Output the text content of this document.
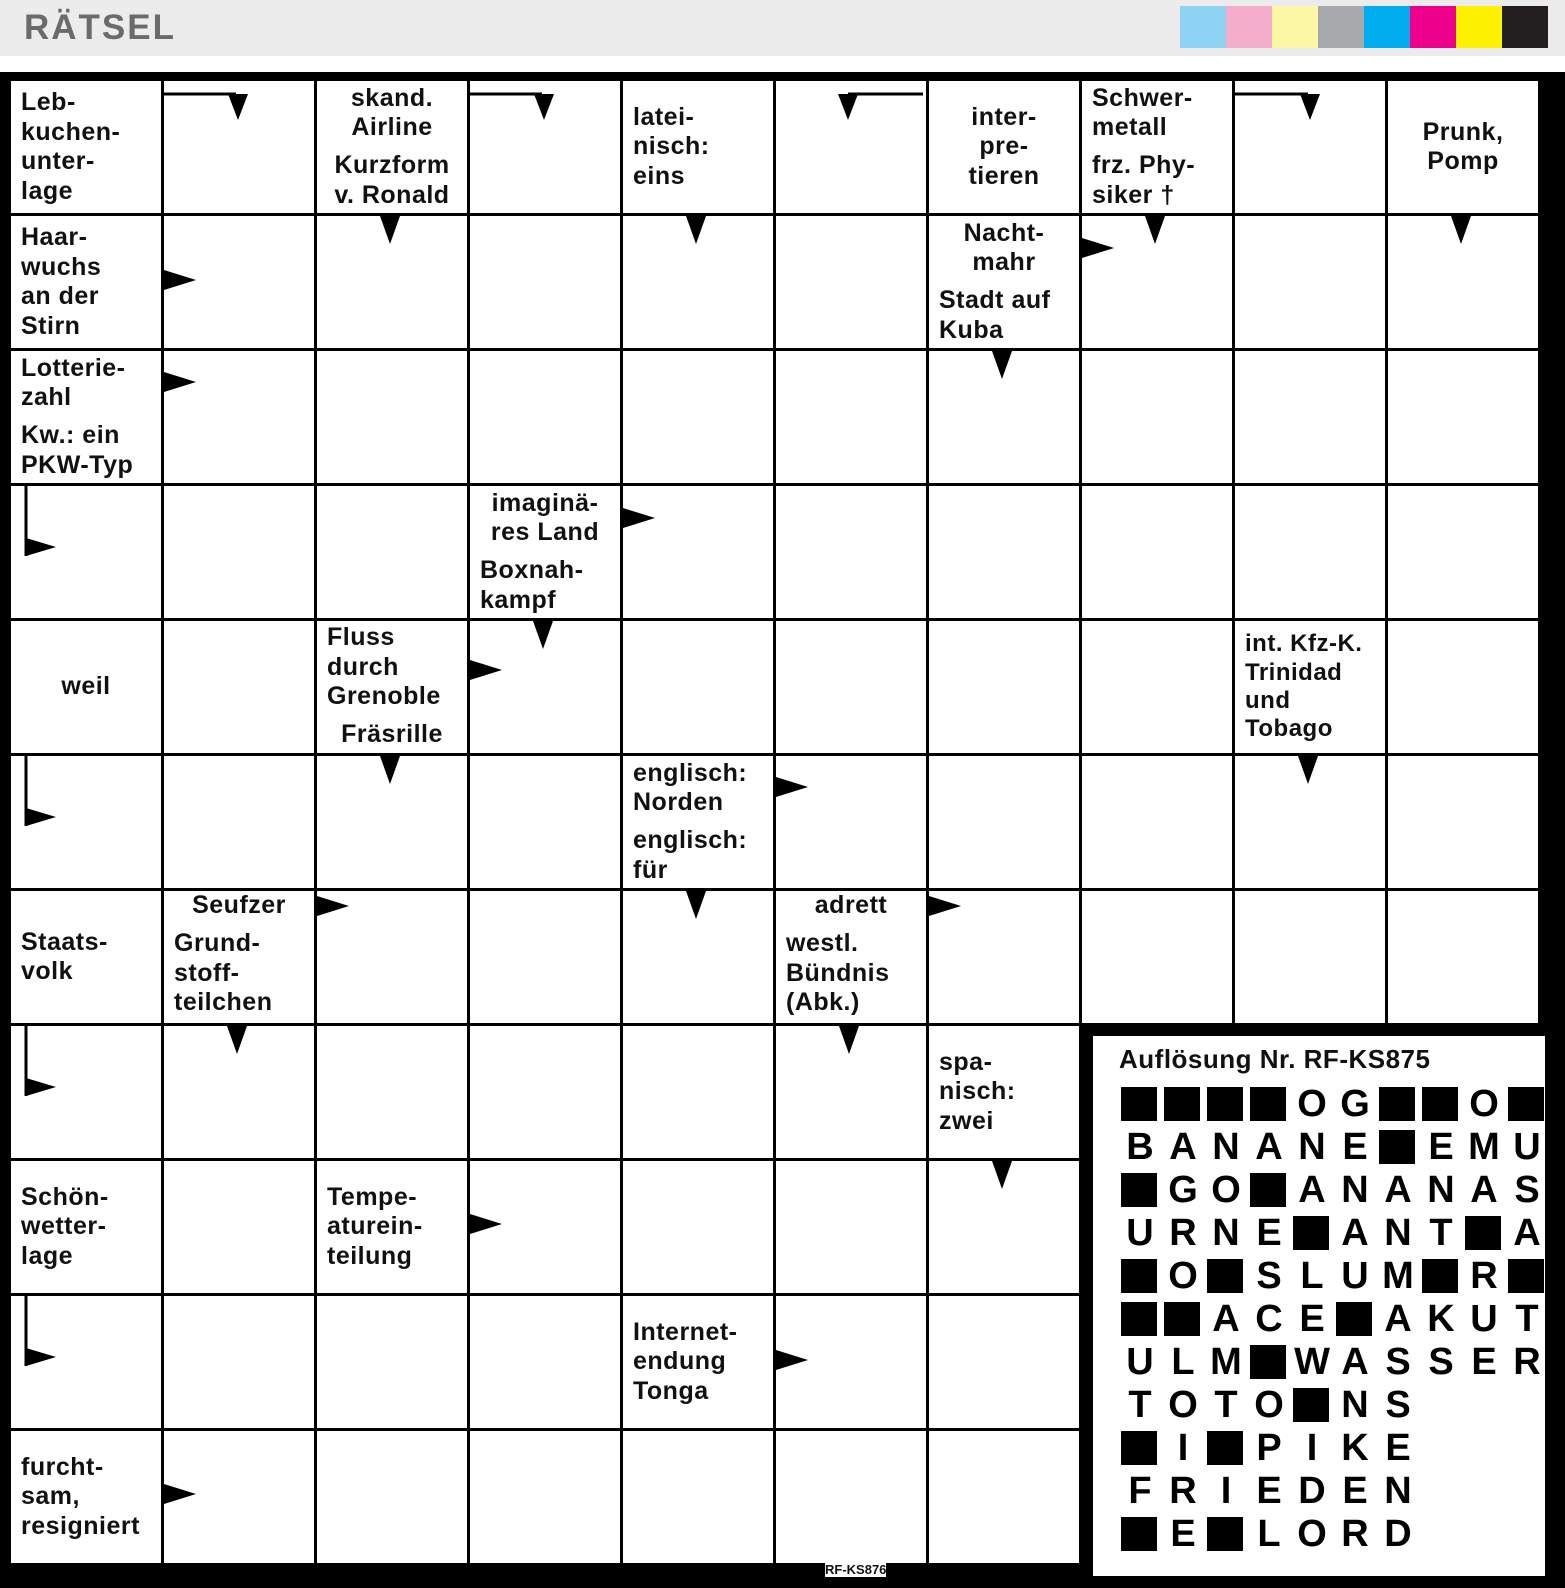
RÄTSEL
Leb-
kuchen-
unter-
lage
skand.
Airline
Kurzform
v. Ronald
latei-
nisch:
eins
inter-
pre-
tieren
Schwer-
metall
frz. Phy-
siker †
Prunk,
Pomp
Haar-
wuchs
an der
Stirn
Nacht-
mahr
Stadt auf
Kuba
Lotterie-
zahl
Kw.: ein
PKW-Typ
imaginä-
res Land
Boxnah-
kampf
weil
Fluss
durch
Grenoble
Fräsrille
int. Kfz-K.
Trinidad
und
Tobago
englisch:
Norden
englisch:
für
Staats-
volk
Seufzer
Grund-
stoff-
teilchen
adrett
westl.
Bündnis
(Abk.)
spa-
nisch:
zwei
Schön-
wetter-
lage
Tempe-
aturein-
teilung
Internet-
endung
Tonga
furcht-
sam,
resigniert
Auflösung Nr. RF-KS875
O G	O
B A N A N E E M U
G O A N A N A S
U R N E A N T A
O S L U M R
A C E A K U T
U L M W A S S E R
T O T O N S
I	P I K E
F R I E D E N
E L O R D
RF-KS876
